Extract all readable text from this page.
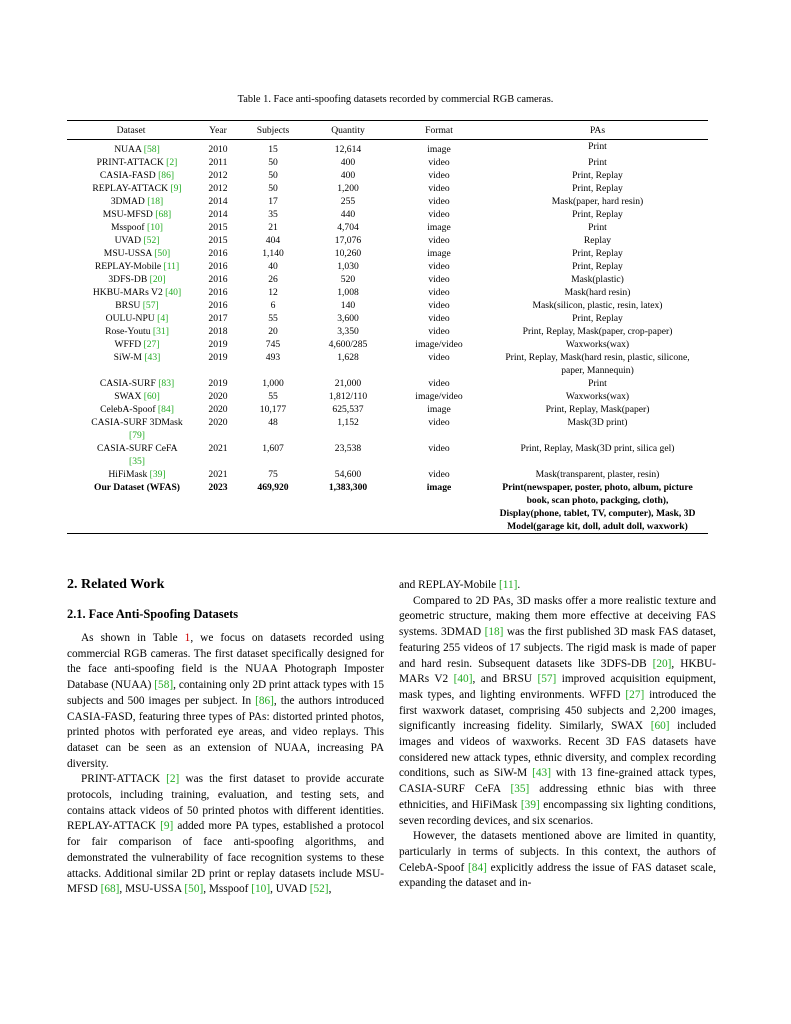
Table 1. Face anti-spoofing datasets recorded by commercial RGB cameras.
Dataset	Year	Subjects	Quantity	Format	PAs
NUAA [58]	2010	15	12,614	image	Print
PRINT-ATTACK [2]	2011	50	400	video	Print
CASIA-FASD [86]	2012	50	400	video	Print, Replay
REPLAY-ATTACK [9]	2012	50	1,200	video	Print, Replay
3DMAD [18]	2014	17	255	video	Mask(paper, hard resin)
MSU-MFSD [68]	2014	35	440	video	Print, Replay
Msspoof [10]	2015	21	4,704	image	Print
UVAD [52]	2015	404	17,076	video	Replay
MSU-USSA [50]	2016	1,140	10,260	image	Print, Replay
REPLAY-Mobile [11]	2016	40	1,030	video	Print, Replay
3DFS-DB [20]	2016	26	520	video	Mask(plastic)
HKBU-MARs V2 [40]	2016	12	1,008	video	Mask(hard resin)
BRSU [57]	2016	6	140	video	Mask(silicon, plastic, resin, latex)
OULU-NPU [4]	2017	55	3,600	video	Print, Replay
Rose-Youtu [31]	2018	20	3,350	video	Print, Replay, Mask(paper, crop-paper)
WFFD [27]	2019	745	4,600/285	image/video	Waxworks(wax)
SiW-M [43]	2019	493	1,628	video	Print, Replay, Mask(hard resin, plastic, silicone, paper, Mannequin)
CASIA-SURF [83]	2019	1,000	21,000	video	Print
SWAX [60]	2020	55	1,812/110	image/video	Waxworks(wax)
CelebA-Spoof [84]	2020	10,177	625,537	image	Print, Replay, Mask(paper)
CASIA-SURF 3DMask [79]	2020	48	1,152	video	Mask(3D print)
CASIA-SURF CeFA [35]	2021	1,607	23,538	video	Print, Replay, Mask(3D print, silica gel)
HiFiMask [39]	2021	75	54,600	video	Mask(transparent, plaster, resin)
Our Dataset (WFAS)	2023	469,920	1,383,300	image	Print(newspaper, poster, photo, album, picture book, scan photo, packging, cloth), Display(phone, tablet, TV, computer), Mask, 3D Model(garage kit, doll, adult doll, waxwork)
2. Related Work
2.1. Face Anti-Spoofing Datasets

As shown in Table 1, we focus on datasets recorded using commercial RGB cameras. The first dataset specifically designed for the face anti-spoofing field is the NUAA Photograph Imposter Database (NUAA) [58], containing only 2D print attack types with 15 subjects and 500 images per subject. In [86], the authors introduced CASIA-FASD, featuring three types of PAs: distorted printed photos, printed photos with perforated eye areas, and video replays. This dataset can be seen as an extension of NUAA, increasing PA diversity.

PRINT-ATTACK [2] was the first dataset to provide accurate protocols, including training, evaluation, and testing sets, and contains attack videos of 50 printed photos with different identities. REPLAY-ATTACK [9] added more PA types, established a protocol for fair comparison of face anti-spoofing algorithms, and demonstrated the vulnerability of face recognition systems to these attacks. Additional similar 2D print or replay datasets include MSU-MFSD [68], MSU-USSA [50], Msspoof [10], UVAD [52],

and REPLAY-Mobile [11].

Compared to 2D PAs, 3D masks offer a more realistic texture and geometric structure, making them more effective at deceiving FAS systems. 3DMAD [18] was the first published 3D mask FAS dataset, featuring 255 videos of 17 subjects. The rigid mask is made of paper and hard resin. Subsequent datasets like 3DFS-DB [20], HKBU-MARs V2 [40], and BRSU [57] improved acquisition equipment, mask types, and lighting environments. WFFD [27] introduced the first waxwork dataset, comprising 450 subjects and 2,200 images, significantly increasing fidelity. Similarly, SWAX [60] included images and videos of waxworks. Recent 3D FAS datasets have considered new attack types, ethnic diversity, and complex recording conditions, such as SiW-M [43] with 13 fine-grained attack types, CASIA-SURF CeFA [35] addressing ethnic bias with three ethnicities, and HiFiMask [39] encompassing six lighting conditions, seven recording devices, and six scenarios.

However, the datasets mentioned above are limited in quantity, particularly in terms of subjects. In this context, the authors of CelebA-Spoof [84] explicitly address the issue of FAS dataset scale, expanding the dataset and in-
